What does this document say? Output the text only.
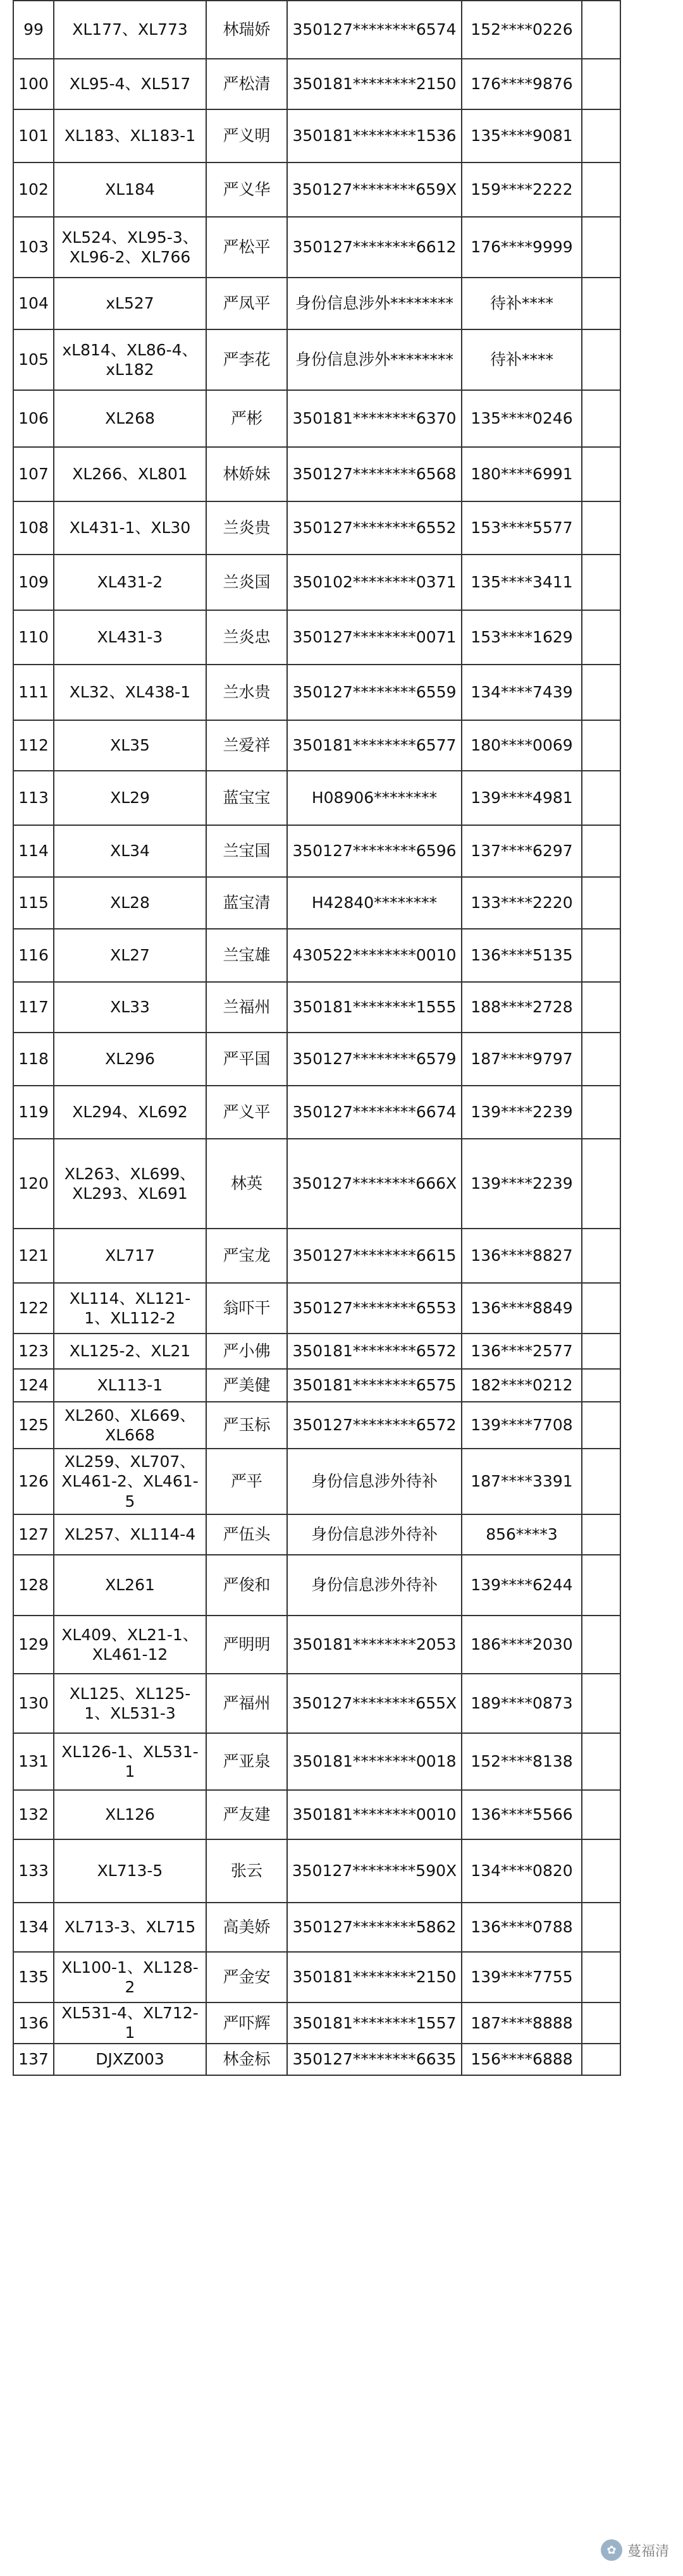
99	XL177、XL773	林瑞娇	350127********6574	152****0226	
100	XL95-4、XL517	严松清	350181********2150	176****9876	
101	XL183、XL183-1	严义明	350181********1536	135****9081	
102	XL184	严义华	350127********659X	159****2222	
103	XL524、XL95-3、XL96-2、XL766	严松平	350127********6612	176****9999	
104	xL527	严凤平	身份信息涉外********	待补****	
105	xL814、XL86-4、xL182	严李花	身份信息涉外********	待补****	
106	XL268	严彬	350181********6370	135****0246	
107	XL266、XL801	林娇妹	350127********6568	180****6991	
108	XL431-1、XL30	兰炎贵	350127********6552	153****5577	
109	XL431-2	兰炎国	350102********0371	135****3411	
110	XL431-3	兰炎忠	350127********0071	153****1629	
111	XL32、XL438-1	兰水贵	350127********6559	134****7439	
112	XL35	兰爱祥	350181********6577	180****0069	
113	XL29	蓝宝宝	H08906********	139****4981	
114	XL34	兰宝国	350127********6596	137****6297	
115	XL28	蓝宝清	H42840********	133****2220	
116	XL27	兰宝雄	430522********0010	136****5135	
117	XL33	兰福州	350181********1555	188****2728	
118	XL296	严平国	350127********6579	187****9797	
119	XL294、XL692	严义平	350127********6674	139****2239	
120	XL263、XL699、XL293、XL691	林英	350127********666X	139****2239	
121	XL717	严宝龙	350127********6615	136****8827	
122	XL114、XL121-1、XL112-2	翁吓干	350127********6553	136****8849	
123	XL125-2、XL21	严小佛	350181********6572	136****2577	
124	XL113-1	严美健	350181********6575	182****0212	
125	XL260、XL669、XL668	严玉标	350127********6572	139****7708	
126	XL259、XL707、XL461-2、XL461-5	严平	身份信息涉外待补	187****3391	
127	XL257、XL114-4	严伍头	身份信息涉外待补	856****3	
128	XL261	严俊和	身份信息涉外待补	139****6244	
129	XL409、XL21-1、XL461-12	严明明	350181********2053	186****2030	
130	XL125、XL125-1、XL531-3	严福州	350127********655X	189****0873	
131	XL126-1、XL531-1	严亚泉	350181********0018	152****8138	
132	XL126	严友建	350181********0010	136****5566	
133	XL713-5	张云	350127********590X	134****0820	
134	XL713-3、XL715	高美娇	350127********5862	136****0788	
135	XL100-1、XL128-2	严金安	350181********2150	139****7755	
136	XL531-4、XL712-1	严吓辉	350181********1557	187****8888	
137	DJXZ003	林金标	350127********6635	156****6888	
✿ 蔓福清
